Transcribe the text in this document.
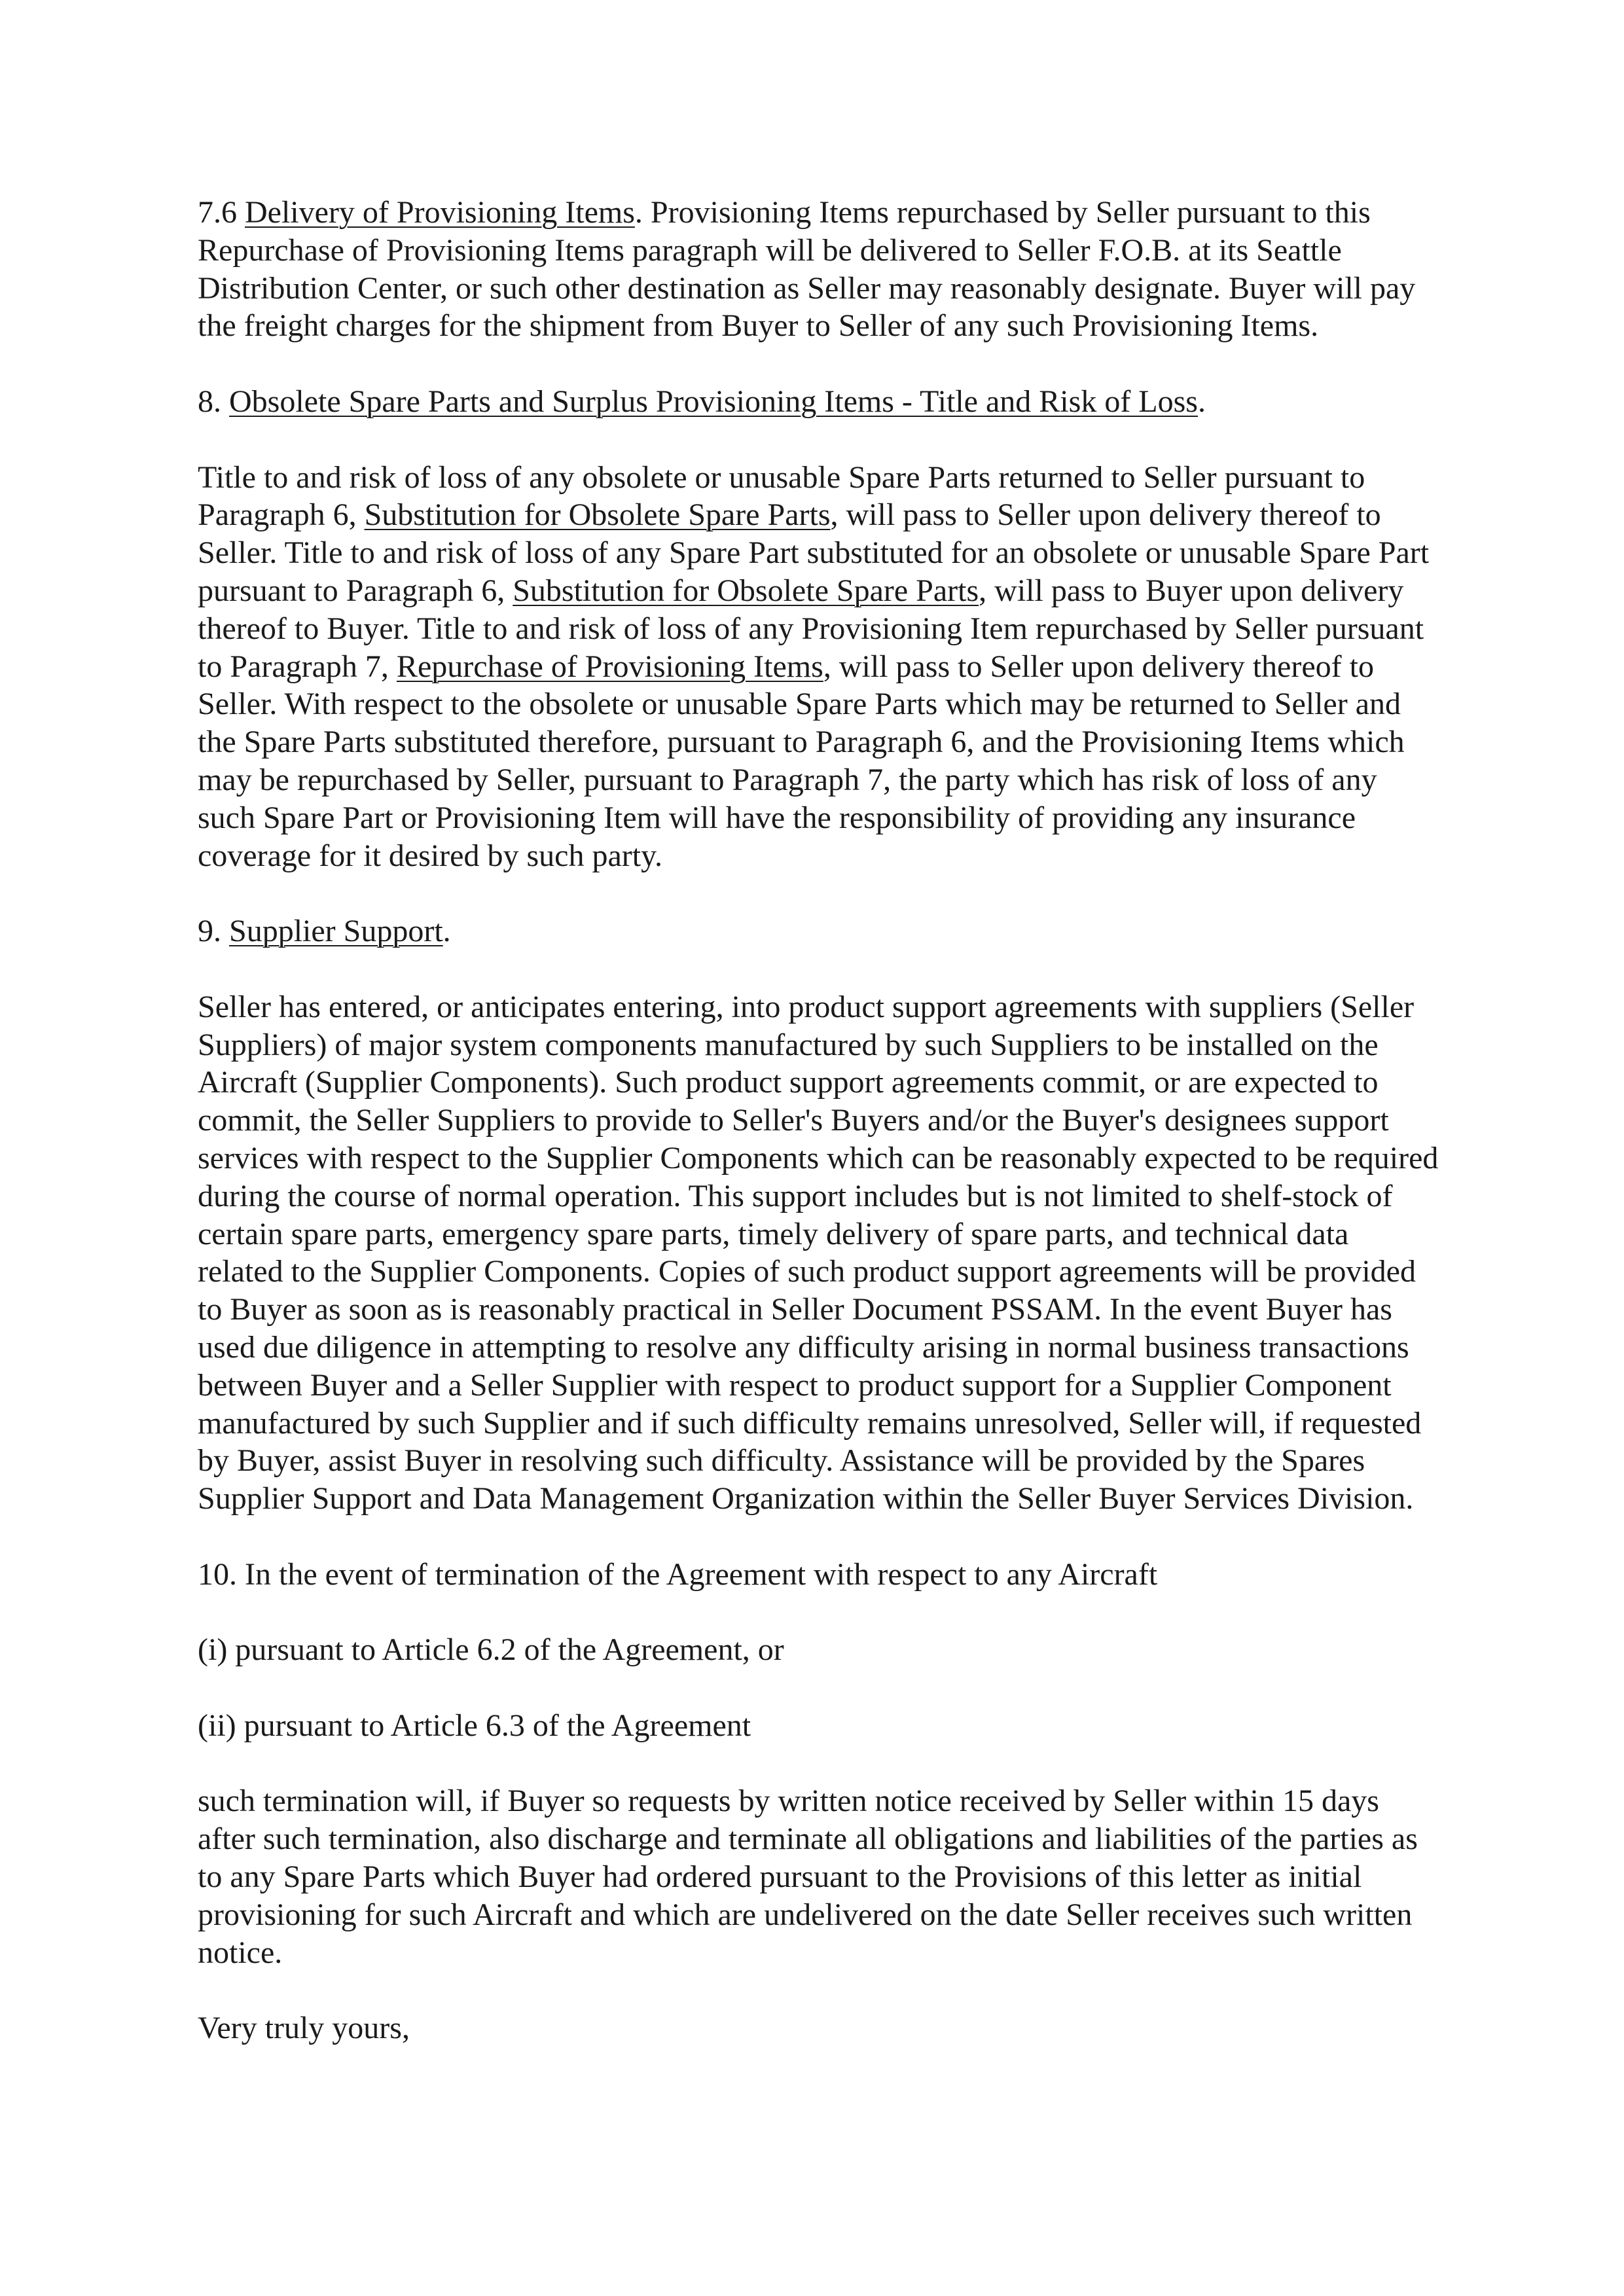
7.6 Delivery of Provisioning Items. Provisioning Items repurchased by Seller pursuant to this Repurchase of Provisioning Items paragraph will be delivered to Seller F.O.B. at its Seattle Distribution Center, or such other destination as Seller may reasonably designate. Buyer will pay the freight charges for the shipment from Buyer to Seller of any such Provisioning Items.

8. Obsolete Spare Parts and Surplus Provisioning Items - Title and Risk of Loss.

Title to and risk of loss of any obsolete or unusable Spare Parts returned to Seller pursuant to Paragraph 6, Substitution for Obsolete Spare Parts, will pass to Seller upon delivery thereof to Seller. Title to and risk of loss of any Spare Part substituted for an obsolete or unusable Spare Part pursuant to Paragraph 6, Substitution for Obsolete Spare Parts, will pass to Buyer upon delivery thereof to Buyer. Title to and risk of loss of any Provisioning Item repurchased by Seller pursuant to Paragraph 7, Repurchase of Provisioning Items, will pass to Seller upon delivery thereof to Seller. With respect to the obsolete or unusable Spare Parts which may be returned to Seller and the Spare Parts substituted therefore, pursuant to Paragraph 6, and the Provisioning Items which may be repurchased by Seller, pursuant to Paragraph 7, the party which has risk of loss of any such Spare Part or Provisioning Item will have the responsibility of providing any insurance coverage for it desired by such party.

9. Supplier Support.

Seller has entered, or anticipates entering, into product support agreements with suppliers (Seller Suppliers) of major system components manufactured by such Suppliers to be installed on the Aircraft (Supplier Components). Such product support agreements commit, or are expected to commit, the Seller Suppliers to provide to Seller's Buyers and/or the Buyer's designees support services with respect to the Supplier Components which can be reasonably expected to be required during the course of normal operation. This support includes but is not limited to shelf-stock of certain spare parts, emergency spare parts, timely delivery of spare parts, and technical data related to the Supplier Components. Copies of such product support agreements will be provided to Buyer as soon as is reasonably practical in Seller Document PSSAM. In the event Buyer has used due diligence in attempting to resolve any difficulty arising in normal business transactions between Buyer and a Seller Supplier with respect to product support for a Supplier Component manufactured by such Supplier and if such difficulty remains unresolved, Seller will, if requested by Buyer, assist Buyer in resolving such difficulty. Assistance will be provided by the Spares Supplier Support and Data Management Organization within the Seller Buyer Services Division.

10. In the event of termination of the Agreement with respect to any Aircraft

(i) pursuant to Article 6.2 of the Agreement, or

(ii) pursuant to Article 6.3 of the Agreement

such termination will, if Buyer so requests by written notice received by Seller within 15 days after such termination, also discharge and terminate all obligations and liabilities of the parties as to any Spare Parts which Buyer had ordered pursuant to the Provisions of this letter as initial provisioning for such Aircraft and which are undelivered on the date Seller receives such written notice.

Very truly yours,
